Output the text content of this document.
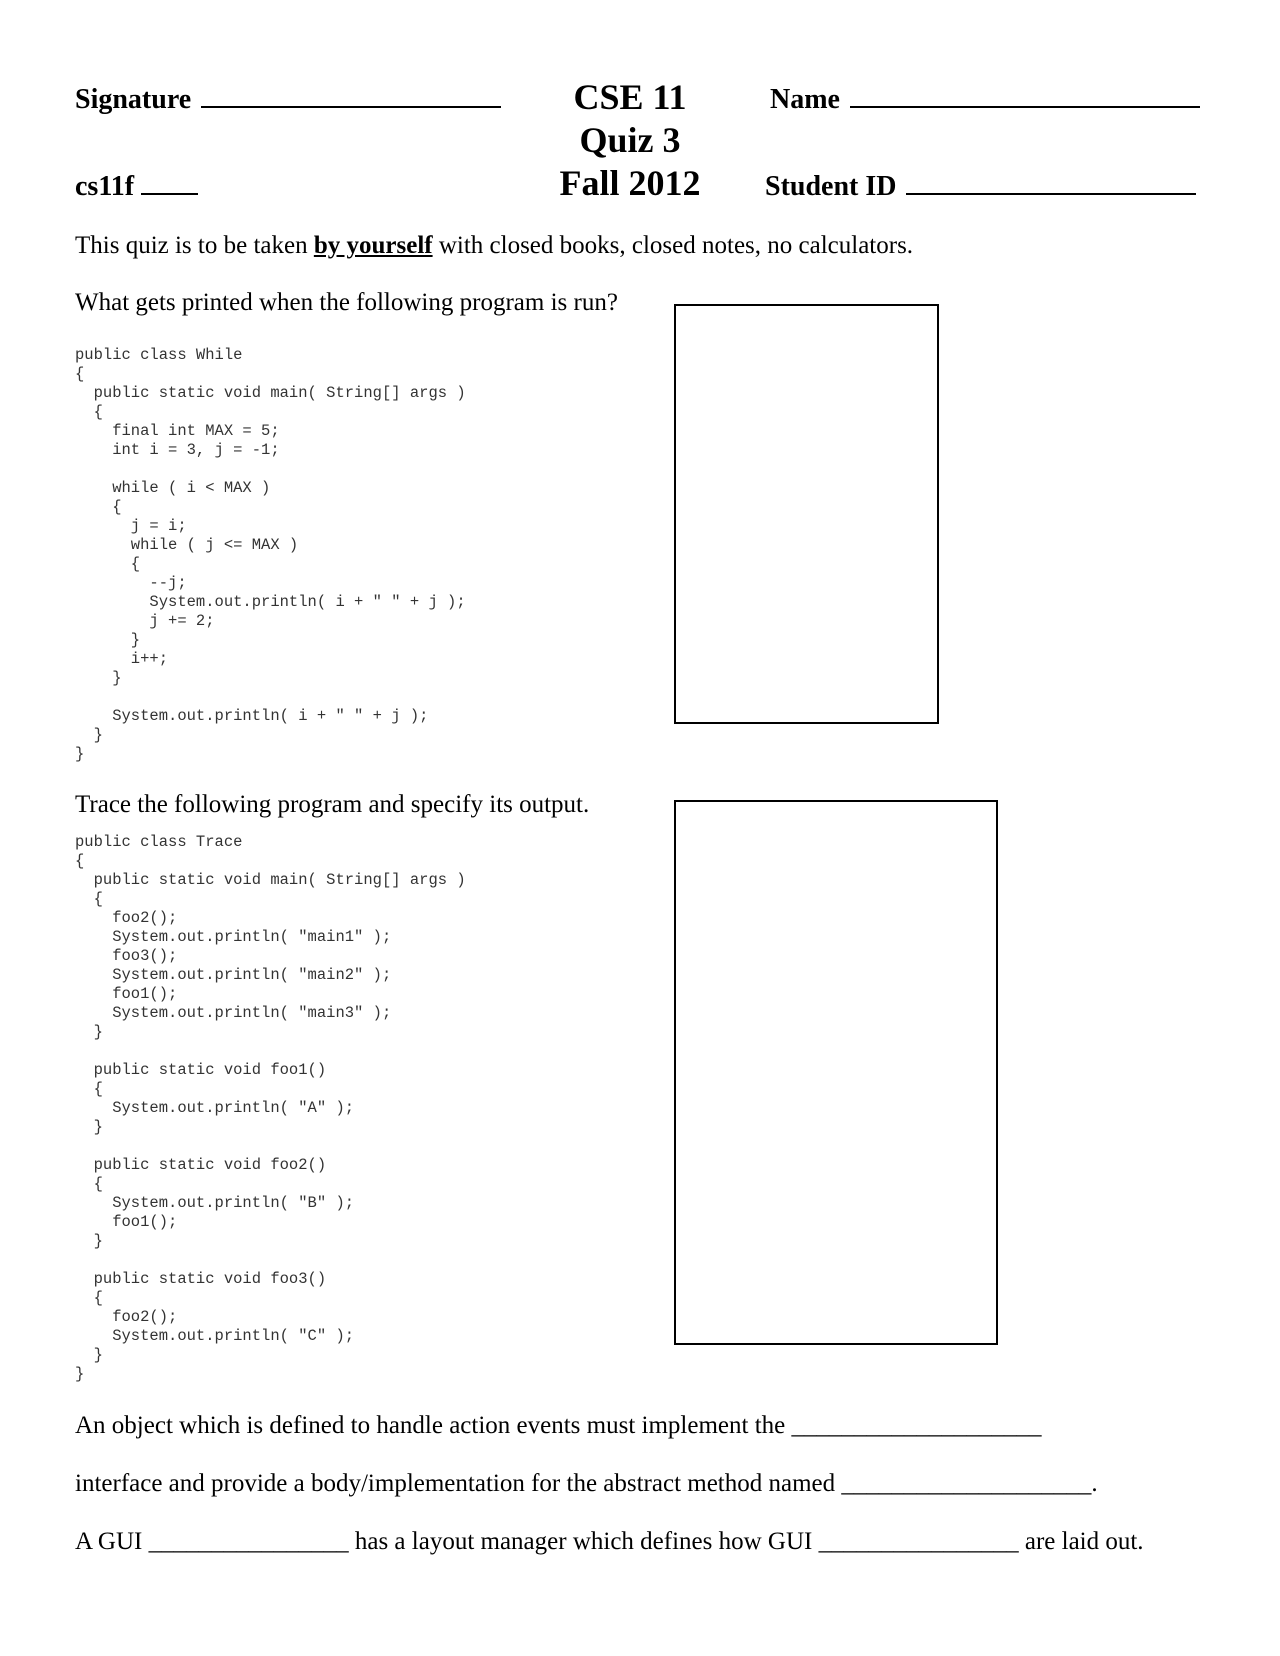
Signature	CSE 11
Quiz 3
Fall 2012
Name
cs11f	Student ID
This quiz is to be taken by yourself with closed books, closed notes, no calculators.
What gets printed when the following program is run?
public class While
{
public static void main( String[] args )
{
final int MAX = 5;
int i = 3, j = -1;

while ( i < MAX )
{
j = i;
while ( j <= MAX )
{
--j;
System.out.println( i + " " + j );
j += 2;
}
i++;
}

System.out.println( i + " " + j );
}
}
Trace the following program and specify its output.
public class Trace
{
public static void main( String[] args )
{
foo2();
System.out.println( "main1" );
foo3();
System.out.println( "main2" );
foo1();
System.out.println( "main3" );
}

public static void foo1()
{
System.out.println( "A" );
}

public static void foo2()
{
System.out.println( "B" );
foo1();
}

public static void foo3()
{
foo2();
System.out.println( "C" );
}
}
An object which is defined to handle action events must implement the ____________________
interface and provide a body/implementation for the abstract method named ____________________.
A GUI ________________ has a layout manager which defines how GUI ________________ are laid out.
